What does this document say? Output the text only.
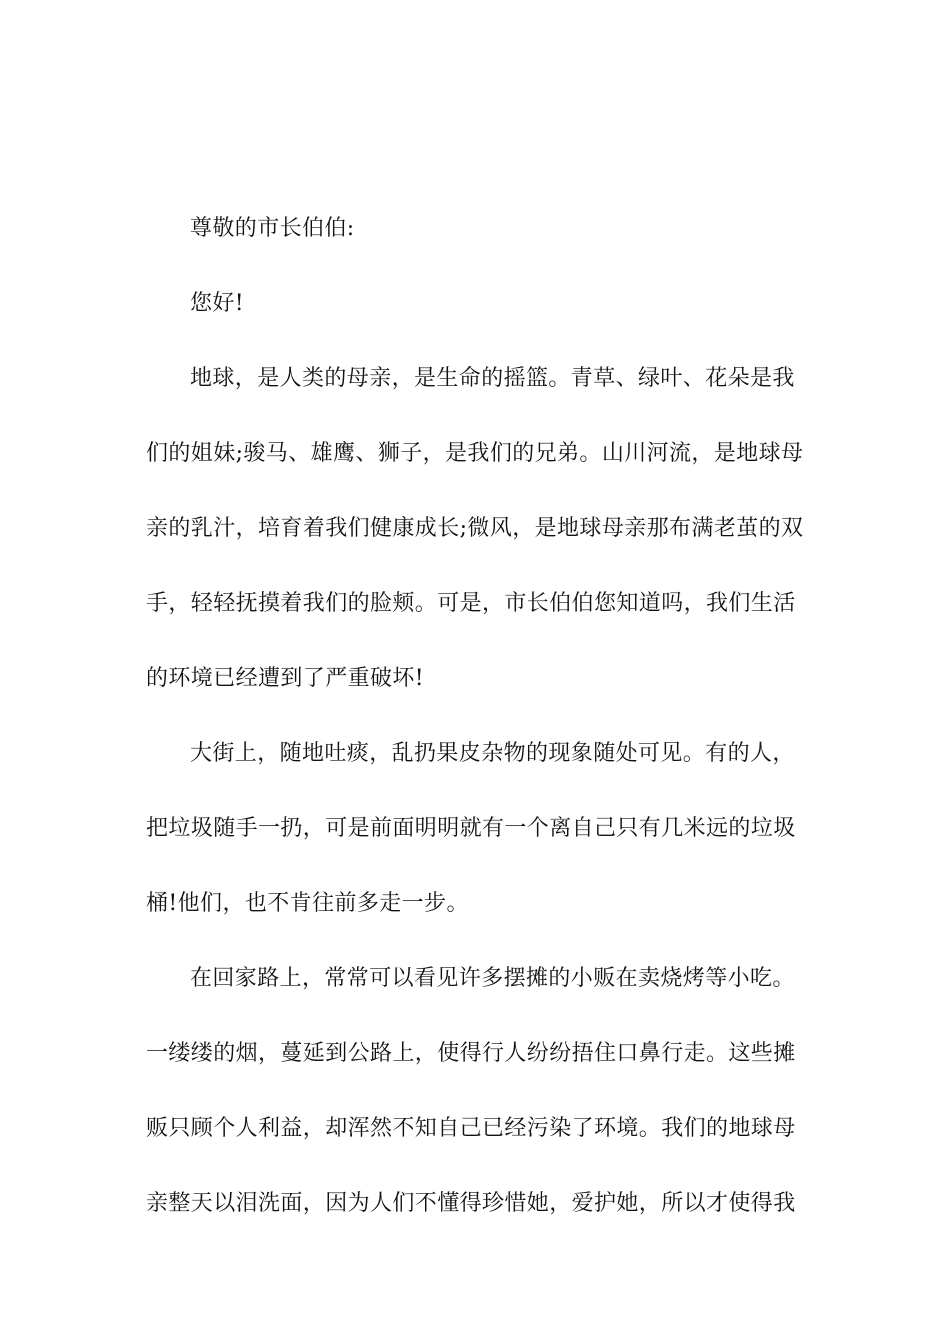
尊敬的市长伯伯:
您好!
地球，是人类的母亲，是生命的摇篮。青草、绿叶、花朵是我
们的姐妹;骏马、雄鹰、狮子，是我们的兄弟。山川河流，是地球母
亲的乳汁，培育着我们健康成长;微风，是地球母亲那布满老茧的双
手，轻轻抚摸着我们的脸颊。可是，市长伯伯您知道吗，我们生活
的环境已经遭到了严重破坏!
大街上，随地吐痰，乱扔果皮杂物的现象随处可见。有的人，
把垃圾随手一扔，可是前面明明就有一个离自己只有几米远的垃圾
桶!他们，也不肯往前多走一步。
在回家路上，常常可以看见许多摆摊的小贩在卖烧烤等小吃。
一缕缕的烟，蔓延到公路上，使得行人纷纷捂住口鼻行走。这些摊
贩只顾个人利益，却浑然不知自己已经污染了环境。我们的地球母
亲整天以泪洗面，因为人们不懂得珍惜她，爱护她，所以才使得我
